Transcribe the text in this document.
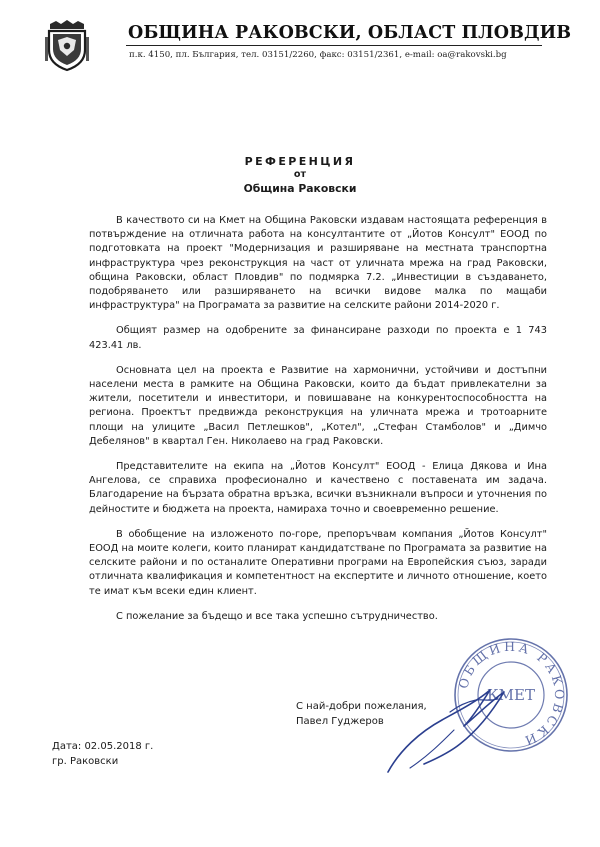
ОБЩИНА РАКОВСКИ, ОБЛАСТ ПЛОВДИВ
п.к. 4150, пл. България, тел. 03151/2260, факс: 03151/2361, e-mail: oa@rakovski.bg
РЕФЕРЕНЦИЯ
от
Община Раковски

В качеството си на Кмет на Община Раковски издавам настоящата референция в потвърждение на отличната работа на консултантите от „Йотов Консулт" ЕООД по подготовката на проект "Модернизация и разширяване на местната транспортна инфраструктура чрез реконструкция на част от уличната мрежа на град Раковски, община Раковски, област Пловдив" по подмярка 7.2. „Инвестиции в създаването, подобряването или разширяването на всички видове малка по мащаби инфраструктура" на Програмата за развитие на селските райони 2014-2020 г.

Общият размер на одобрените за финансиране разходи по проекта е 1 743 423.41 лв.

Основната цел на проекта е Развитие на хармонични, устойчиви и достъпни населени места в рамките на Община Раковски, които да бъдат привлекателни за жители, посетители и инвеститори, и повишаване на конкурентоспособността на региона. Проектът предвижда реконструкция на уличната мрежа и тротоарните площи на улиците „Васил Петлешков", „Котел", „Стефан Стамболов" и „Димчо Дебелянов" в квартал Ген. Николаево на град Раковски.

Представителите на екипа на „Йотов Консулт" ЕООД - Елица Дякова и Ина Ангелова, се справиха професионално и качествено с поставената им задача. Благодарение на бързата обратна връзка, всички възникнали въпроси и уточнения по дейностите и бюджета на проекта, намираха точно и своевременно решение.

В обобщение на изложеното по-горе, препоръчвам компания „Йотов Консулт" ЕООД на моите колеги, които планират кандидатстване по Програмата за развитие на селските райони и по останалите Оперативни програми на Европейския съюз, заради отличната квалификация и компетентност на експертите и личното отношение, което те имат към всеки един клиент.

С пожелание за бъдещо и все така успешно сътрудничество.

С най-добри пожелания,
Павел Гуджеров
ОБЩИНА РАКОВСКИ
КМЕТ
Дата: 02.05.2018 г.
гр. Раковски
